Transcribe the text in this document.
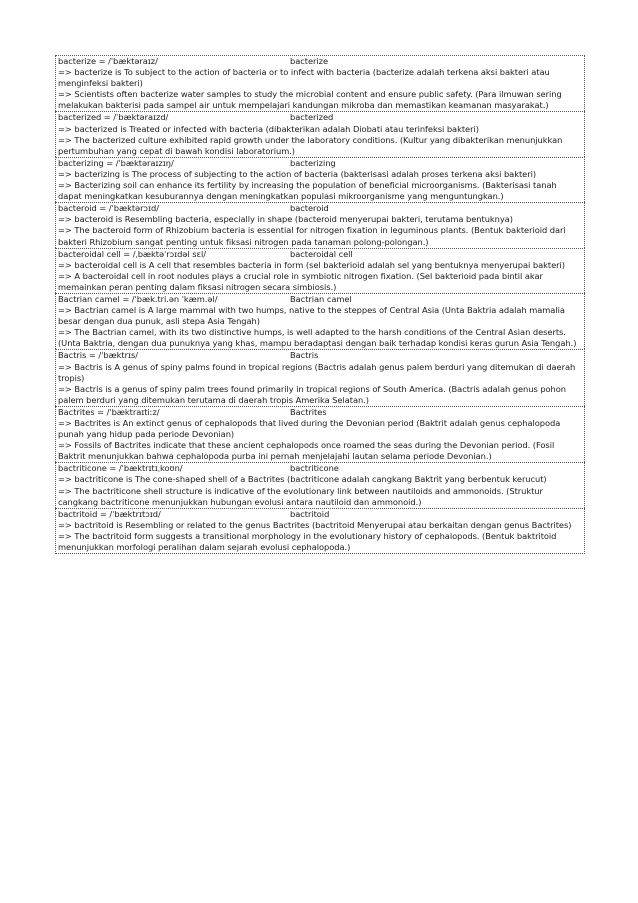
bacterize = /ˈbæktəraɪz/	bacterize
=> bacterize is To subject to the action of bacteria or to infect with bacteria (bacterize adalah terkena aksi bakteri atau menginfeksi bakteri)
=> Scientists often bacterize water samples to study the microbial content and ensure public safety. (Para ilmuwan sering melakukan bakterisi pada sampel air untuk mempelajari kandungan mikroba dan memastikan keamanan masyarakat.)
bacterized = /ˈbæktəraɪzd/	bacterized
=> bacterized is Treated or infected with bacteria (dibakterikan adalah Diobati atau terinfeksi bakteri)
=> The bacterized culture exhibited rapid growth under the laboratory conditions. (Kultur yang dibakterikan menunjukkan pertumbuhan yang cepat di bawah kondisi laboratorium.)
bacterizing = /ˈbæktəraɪzɪŋ/	bacterizing
=> bacterizing is The process of subjecting to the action of bacteria (bakterisasi adalah proses terkena aksi bakteri)
=> Bacterizing soil can enhance its fertility by increasing the population of beneficial microorganisms. (Bakterisasi tanah dapat meningkatkan kesuburannya dengan meningkatkan populasi mikroorganisme yang menguntungkan.)
bacteroid = /ˈbæktərɔɪd/	bacteroid
=> bacteroid is Resembling bacteria, especially in shape (bacteroid menyerupai bakteri, terutama bentuknya)
=> The bacteroid form of Rhizobium bacteria is essential for nitrogen fixation in leguminous plants. (Bentuk bakterioid dari bakteri Rhizobium sangat penting untuk fiksasi nitrogen pada tanaman polong-polongan.)
bacteroidal cell = /ˌbæktəˈrɔɪdəl sɛl/	bacteroidal cell
=> bacteroidal cell is A cell that resembles bacteria in form (sel bakterioid adalah sel yang bentuknya menyerupai bakteri)
=> A bacteroidal cell in root nodules plays a crucial role in symbiotic nitrogen fixation. (Sel bakterioid pada bintil akar memainkan peran penting dalam fiksasi nitrogen secara simbiosis.)
Bactrian camel = /ˈbæk.tri.ən ˈkæm.əl/	Bactrian camel
=> Bactrian camel is A large mammal with two humps, native to the steppes of Central Asia (Unta Baktria adalah mamalia besar dengan dua punuk, asli stepa Asia Tengah)
=> The Bactrian camel, with its two distinctive humps, is well adapted to the harsh conditions of the Central Asian deserts. (Unta Baktria, dengan dua punuknya yang khas, mampu beradaptasi dengan baik terhadap kondisi keras gurun Asia Tengah.)
Bactris = /ˈbæktrɪs/	Bactris
=> Bactris is A genus of spiny palms found in tropical regions (Bactris adalah genus palem berduri yang ditemukan di daerah tropis)
=> Bactris is a genus of spiny palm trees found primarily in tropical regions of South America. (Bactris adalah genus pohon palem berduri yang ditemukan terutama di daerah tropis Amerika Selatan.)
Bactrites = /ˈbæktraɪtiːz/	Bactrites
=> Bactrites is An extinct genus of cephalopods that lived during the Devonian period (Baktrit adalah genus cephalopoda punah yang hidup pada periode Devonian)
=> Fossils of Bactrites indicate that these ancient cephalopods once roamed the seas during the Devonian period. (Fosil Baktrit menunjukkan bahwa cephalopoda purba ini pernah menjelajahi lautan selama periode Devonian.)
bactriticone = /ˈbæktrɪtɪˌkoʊn/	bactriticone
=> bactriticone is The cone-shaped shell of a Bactrites (bactriticone adalah cangkang Baktrit yang berbentuk kerucut)
=> The bactriticone shell structure is indicative of the evolutionary link between nautiloids and ammonoids. (Struktur cangkang bactriticone menunjukkan hubungan evolusi antara nautiloid dan ammonoid.)
bactritoid = /ˈbæktrɪtɔɪd/	bactritoid
=> bactritoid is Resembling or related to the genus Bactrites (bactritoid Menyerupai atau berkaitan dengan genus Bactrites)
=> The bactritoid form suggests a transitional morphology in the evolutionary history of cephalopods. (Bentuk baktritoid menunjukkan morfologi peralihan dalam sejarah evolusi cephalopoda.)
